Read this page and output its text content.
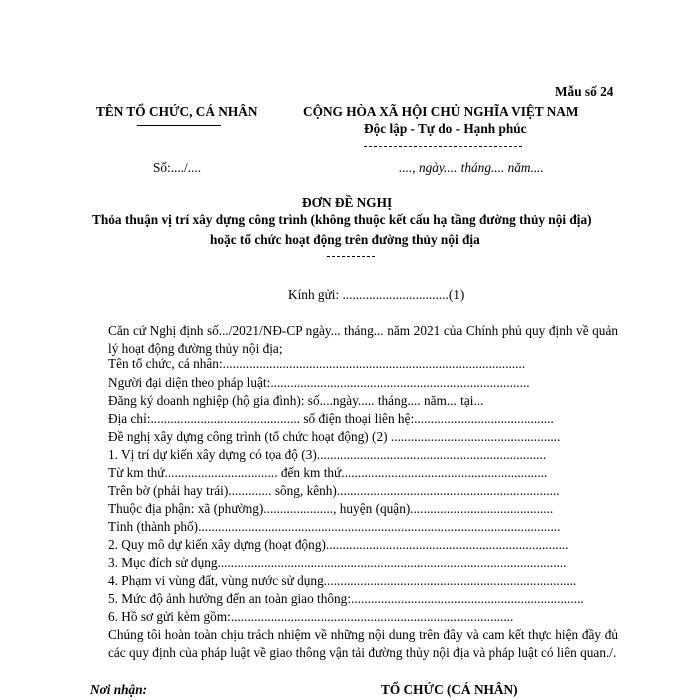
Mẫu số 24
TÊN TỔ CHỨC, CÁ NHÂN	CỘNG HÒA XÃ HỘI CHỦ NGHĨA VIỆT NAM
Độc lập - Tự do - Hạnh phúc
Số:..../....	...., ngày.... tháng.... năm....
ĐƠN ĐỀ NGHỊ
Thỏa thuận vị trí xây dựng công trình (không thuộc kết cấu hạ tầng đường thủy nội địa)
hoặc tổ chức hoạt động trên đường thủy nội địa
Kính gửi: ................................(1)
Căn cứ Nghị định số.../2021/NĐ-CP ngày... tháng... năm 2021 của Chính phủ quy định về quản lý hoạt động đường thủy nội địa;
Tên tổ chức, cá nhân:...........................................................................................
Người đại diện theo pháp luật:..............................................................................
Đăng ký doanh nghiệp (hộ gia đình): số....ngày..... tháng.... năm... tại...
Địa chỉ:............................................. số điện thoại liên hệ:..........................................
Đề nghị xây dựng công trình (tổ chức hoạt động) (2) ...................................................
1. Vị trí dự kiến xây dựng có tọa độ (3).....................................................................
Từ km thứ.................................. đến km thứ..............................................................
Trên bờ (phải hay trái)............. sông, kênh)...................................................................
Thuộc địa phận: xã (phường)....................., huyện (quận)...........................................
Tỉnh (thành phố).............................................................................................................
2. Quy mô dự kiến xây dựng (hoạt động).........................................................................
3. Mục đích sử dụng.........................................................................................................
4. Phạm vi vùng đất, vùng nước sử dụng............................................................................
5. Mức độ ảnh hưởng đến an toàn giao thông:......................................................................
6. Hồ sơ gửi kèm gồm:.....................................................................................
Chúng tôi hoàn toàn chịu trách nhiệm về những nội dung trên đây và cam kết thực hiện đầy đủ các quy định của pháp luật về giao thông vận tải đường thủy nội địa và pháp luật có liên quan./.
Nơi nhận:	TỔ CHỨC (CÁ NHÂN)
